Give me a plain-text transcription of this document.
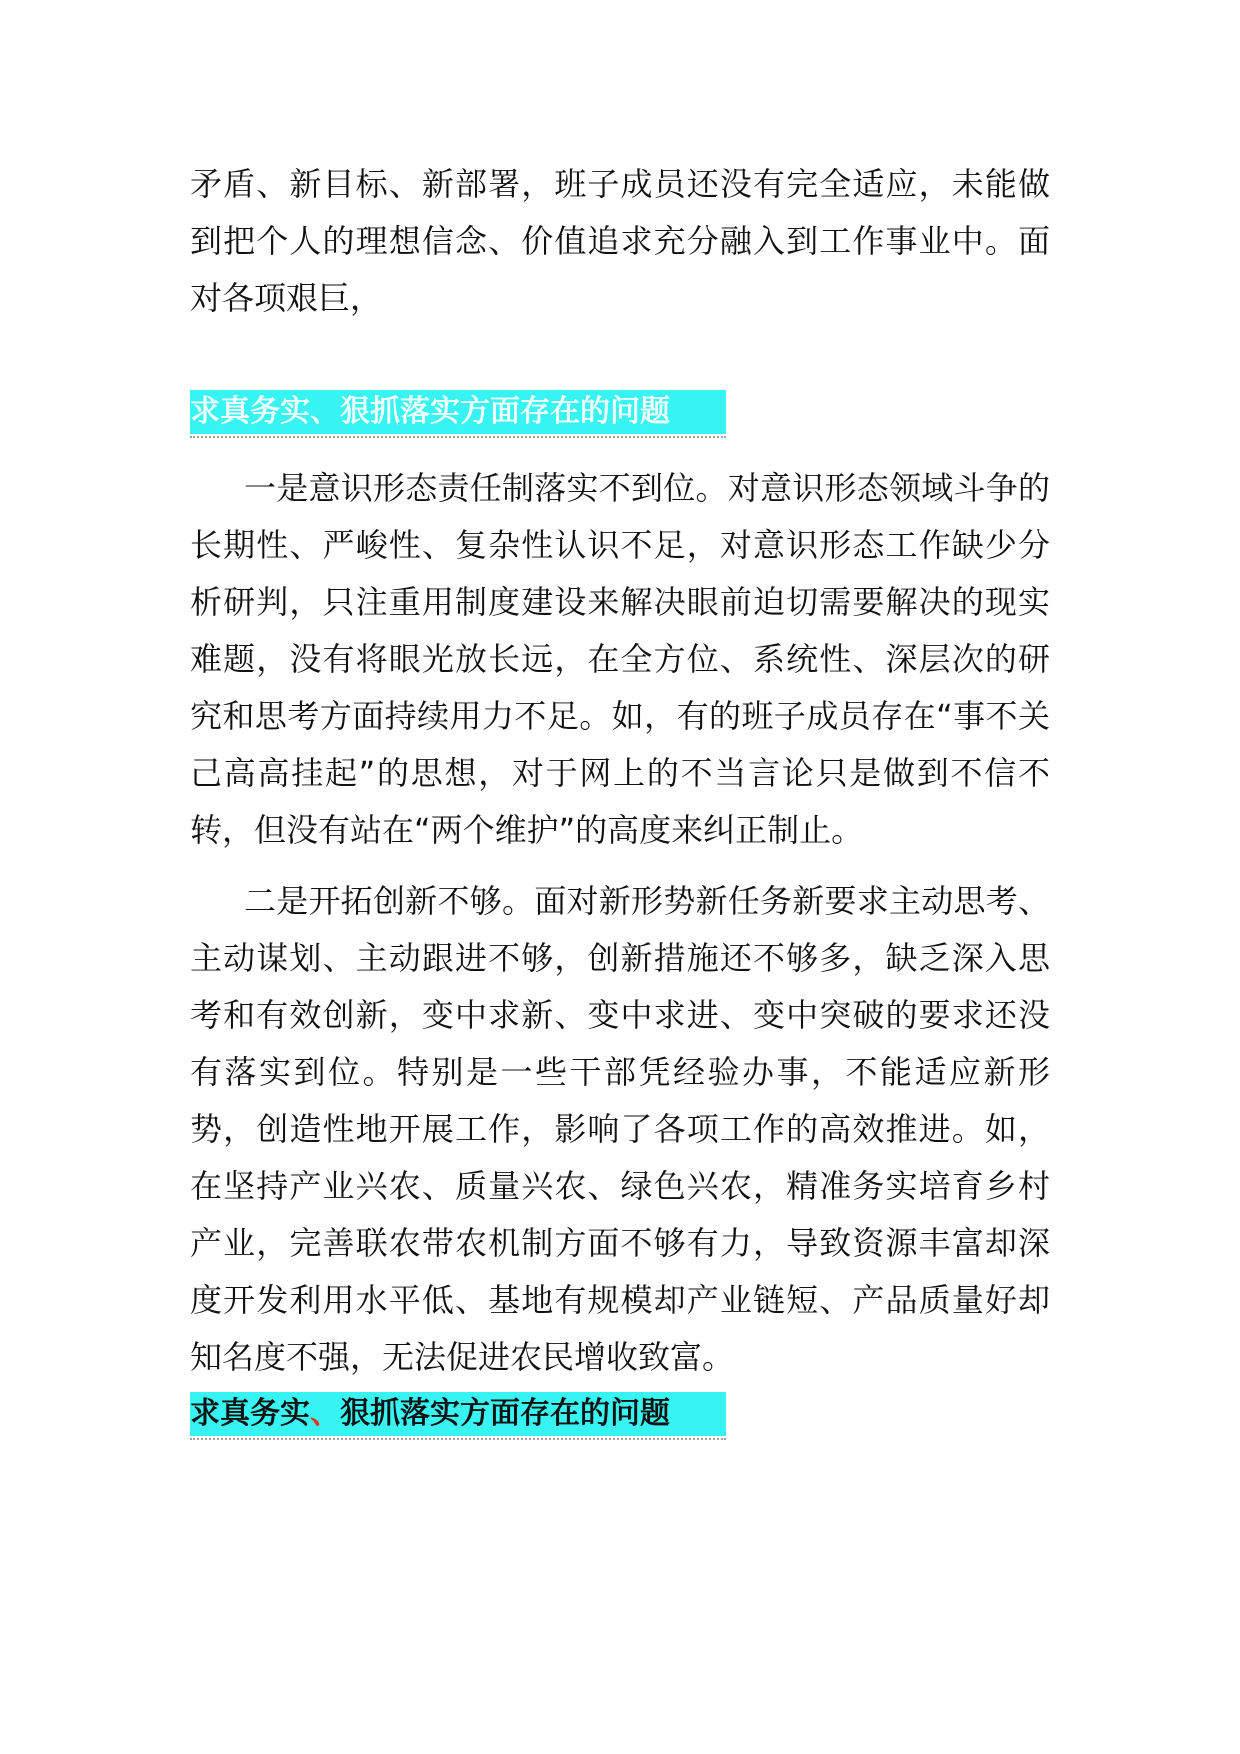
矛盾、新目标、新部署，班子成员还没有完全适应，未能做到把个人的理想信念、价值追求充分融入到工作事业中。面对各项艰巨，

求真务实、狠抓落实方面存在的问题

一是意识形态责任制落实不到位。对意识形态领域斗争的长期性、严峻性、复杂性认识不足，对意识形态工作缺少分析研判，只注重用制度建设来解决眼前迫切需要解决的现实难题，没有将眼光放长远，在全方位、系统性、深层次的研究和思考方面持续用力不足。如，有的班子成员存在“事不关己高高挂起”的思想，对于网上的不当言论只是做到不信不转，但没有站在“两个维护”的高度来纠正制止。

二是开拓创新不够。面对新形势新任务新要求主动思考、主动谋划、主动跟进不够，创新措施还不够多，缺乏深入思考和有效创新，变中求新、变中求进、变中突破的要求还没有落实到位。特别是一些干部凭经验办事，不能适应新形势，创造性地开展工作，影响了各项工作的高效推进。如，在坚持产业兴农、质量兴农、绿色兴农，精准务实培育乡村产业，完善联农带农机制方面不够有力，导致资源丰富却深度开发利用水平低、基地有规模却产业链短、产品质量好却知名度不强，无法促进农民增收致富。

求真务实、狠抓落实方面存在的问题
